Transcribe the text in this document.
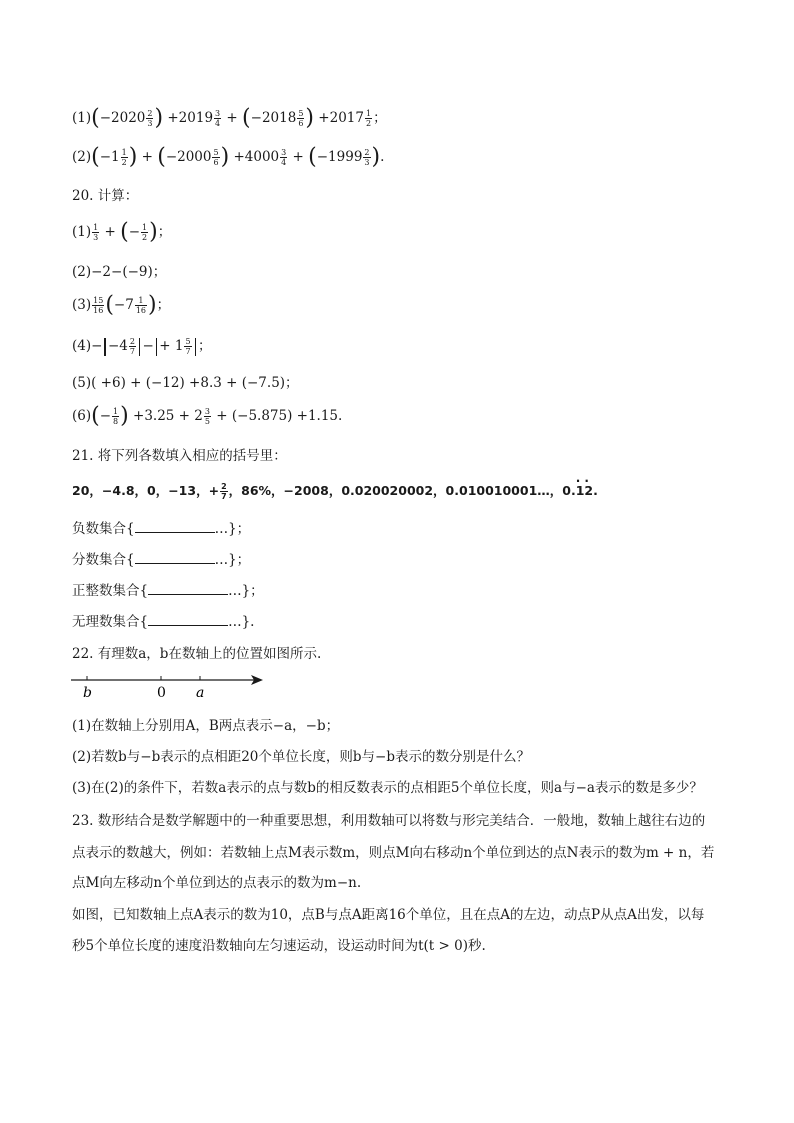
$(1)(-2020 \frac{2}{3}$ ) $+2019 \frac{3}{4} + (-2018 \frac{5}{6}$ ) $+2017 \frac{1}{2}$ ；
$(2)(-1 \frac{1}{2}$ ) + ($-2000 \frac{5}{6}$ ) $+4000 \frac{3}{4} + (-1999 \frac{2}{3}$ ).
20. 计算：
$(1) \frac{1}{3}$ + (− $\frac{1}{2}$ )；
(2)−2−(−9)；
$(3) \frac{15}{16} (-7 \frac{1}{16}$ )；
$(4)- -4 \frac{2}{7}$ − + $1 \frac{5}{7}$ ；
(5)( +6) + (−12) +8.3 + (−7.5)；
$(6)(- \frac{1}{8}$ ) $+3.25 + 2 \frac{3}{5} + (-5.875) +1.15$.
21. 将下列各数填入相应的括号里：
20，−4.8，0，−13，+ $\frac{2}{7}$ ，86%，−2008，0.020020002，0.010010001…，0.· 1· 2.
负数集合{	…}；
分数集合{	…}；
正整数集合{	…}；
无理数集合{	…}.
22. 有理数a，b在数轴上的位置如图所示.
b	0 a
(1)在数轴上分别用A，B两点表示−a，−b；
(2)若数b与−b表示的点相距20个单位长度，则b与−b表示的数分别是什么？
(3)在(2)的条件下，若数a表示的点与数b的相反数表示的点相距5个单位长度，则a与−a表示的数是多少？
23. 数形结合是数学解题中的一种重要思想，利用数轴可以将数与形完美结合．一般地，数轴上越往右边的
点表示的数越大，例如：若数轴上点M表示数m，则点M向右移动n个单位到达的点N表示的数为m + n，若
点M向左移动n个单位到达的点表示的数为m−n.
如图，已知数轴上点A表示的数为10，点B与点A距离16个单位，且在点A的左边，动点P从点A出发，以每
秒5个单位长度的速度沿数轴向左匀速运动，设运动时间为t(t > 0)秒.
